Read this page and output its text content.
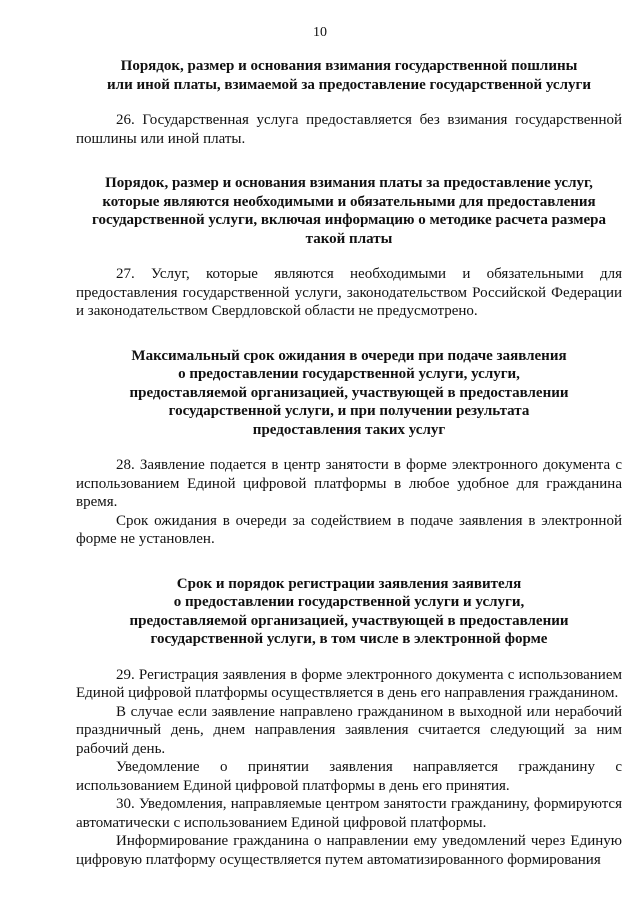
10
Порядок, размер и основания взимания государственной пошлины
или иной платы, взимаемой за предоставление государственной услуги

26. Государственная услуга предоставляется без взимания государственной пошлины или иной платы.

Порядок, размер и основания взимания платы за предоставление услуг,
которые являются необходимыми и обязательными для предоставления
государственной услуги, включая информацию о методике расчета размера
такой платы

27. Услуг, которые являются необходимыми и обязательными для предоставления государственной услуги, законодательством Российской Федерации и законодательством Свердловской области не предусмотрено.

Максимальный срок ожидания в очереди при подаче заявления
о предоставлении государственной услуги, услуги,
предоставляемой организацией, участвующей в предоставлении
государственной услуги, и при получении результата
предоставления таких услуг

28. Заявление подается в центр занятости в форме электронного документа с использованием Единой цифровой платформы в любое удобное для гражданина время.

Срок ожидания в очереди за содействием в подаче заявления в электронной форме не установлен.

Срок и порядок регистрации заявления заявителя
о предоставлении государственной услуги и услуги,
предоставляемой организацией, участвующей в предоставлении
государственной услуги, в том числе в электронной форме

29. Регистрация заявления в форме электронного документа с использованием Единой цифровой платформы осуществляется в день его направления гражданином.

В случае если заявление направлено гражданином в выходной или нерабочий праздничный день, днем направления заявления считается следующий за ним рабочий день.

Уведомление о принятии заявления направляется гражданину с использованием Единой цифровой платформы в день его принятия.

30. Уведомления, направляемые центром занятости гражданину, формируются автоматически с использованием Единой цифровой платформы.

Информирование гражданина о направлении ему уведомлений через Единую цифровую платформу осуществляется путем автоматизированного формирования
